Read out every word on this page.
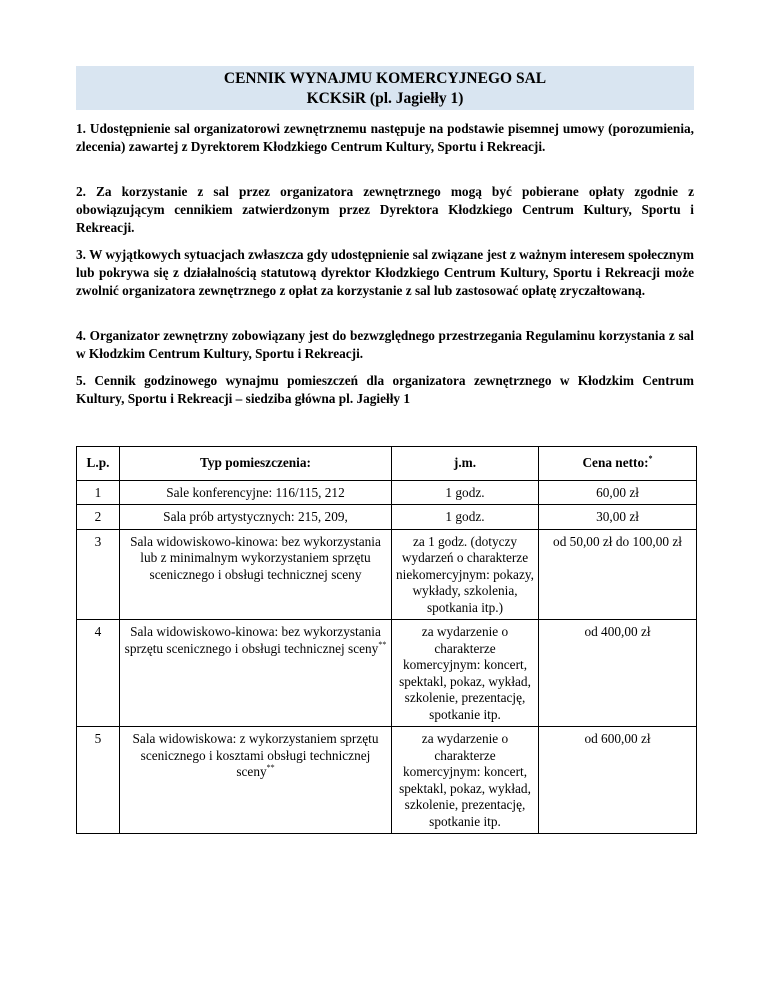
CENNIK WYNAJMU KOMERCYJNEGO SAL
KCKSiR (pl. Jagiełły 1)
1. Udostępnienie sal organizatorowi zewnętrznemu następuje na podstawie pisemnej umowy (porozumienia, zlecenia) zawartej z Dyrektorem Kłodzkiego Centrum Kultury, Sportu i Rekreacji.
2. Za korzystanie z sal przez organizatora zewnętrznego mogą być pobierane opłaty zgodnie z obowiązującym cennikiem zatwierdzonym przez Dyrektora Kłodzkiego Centrum Kultury, Sportu i Rekreacji.
3. W wyjątkowych sytuacjach zwłaszcza gdy udostępnienie sal związane jest z ważnym interesem społecznym lub pokrywa się z działalnością statutową dyrektor Kłodzkiego Centrum Kultury, Sportu i Rekreacji może zwolnić organizatora zewnętrznego z opłat za korzystanie z sal lub zastosować opłatę zryczałtowaną.
4. Organizator zewnętrzny zobowiązany jest do bezwzględnego przestrzegania Regulaminu korzystania z sal w Kłodzkim Centrum Kultury, Sportu i Rekreacji.
5. Cennik godzinowego wynajmu pomieszczeń dla organizatora zewnętrznego w Kłodzkim Centrum Kultury, Sportu i Rekreacji – siedziba główna pl. Jagiełły 1
L.p.	Typ pomieszczenia:	j.m.	Cena netto:*
1	Sale konferencyjne: 116/115, 212	1 godz.	60,00 zł
2	Sala prób artystycznych: 215, 209,	1 godz.	30,00 zł
3	Sala widowiskowo-kinowa: bez wykorzystania lub z minimalnym wykorzystaniem sprzętu scenicznego i obsługi technicznej sceny	za 1 godz. (dotyczy wydarzeń o charakterze niekomercyjnym: pokazy, wykłady, szkolenia, spotkania itp.)	od 50,00 zł do 100,00 zł
4	Sala widowiskowo-kinowa: bez wykorzystania sprzętu scenicznego i obsługi technicznej sceny**	za wydarzenie o charakterze komercyjnym: koncert, spektakl, pokaz, wykład, szkolenie, prezentację, spotkanie itp.	od 400,00 zł
5	Sala widowiskowa: z wykorzystaniem sprzętu scenicznego i kosztami obsługi technicznej sceny**	za wydarzenie o charakterze komercyjnym: koncert, spektakl, pokaz, wykład, szkolenie, prezentację, spotkanie itp.	od 600,00 zł
